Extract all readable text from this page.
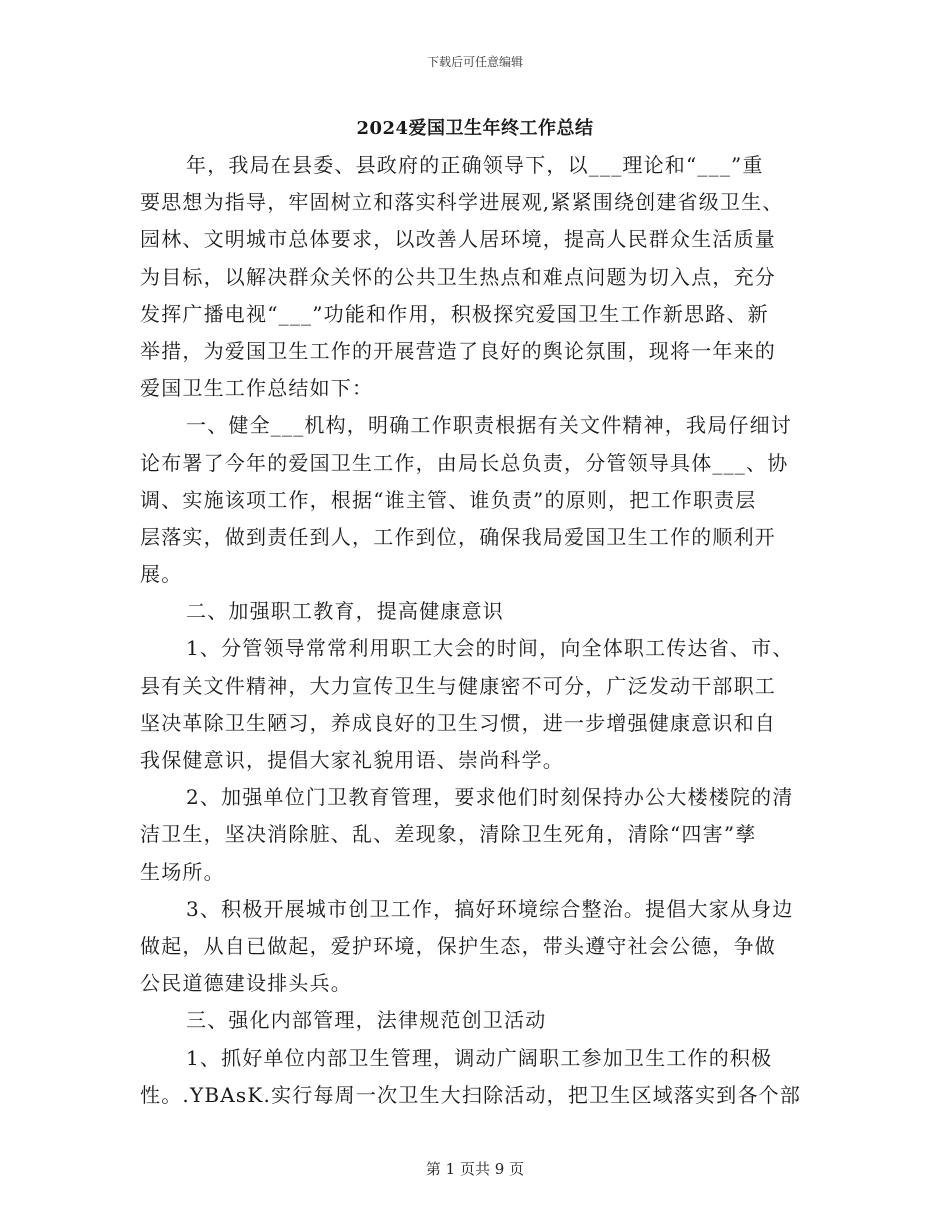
下载后可任意编辑
2024爱国卫生年终工作总结
年，我局在县委、县政府的正确领导下，以___理论和“___”重
要思想为指导，牢固树立和落实科学进展观,紧紧围绕创建省级卫生、
园林、文明城市总体要求，以改善人居环境，提高人民群众生活质量
为目标，以解决群众关怀的公共卫生热点和难点问题为切入点，充分
发挥广播电视“___”功能和作用，积极探究爱国卫生工作新思路、新
举措，为爱国卫生工作的开展营造了良好的舆论氛围，现将一年来的
爱国卫生工作总结如下：
一、健全___机构，明确工作职责根据有关文件精神，我局仔细讨
论布署了今年的爱国卫生工作，由局长总负责，分管领导具体___、协
调、实施该项工作，根据“谁主管、谁负责”的原则，把工作职责层
层落实，做到责任到人，工作到位，确保我局爱国卫生工作的顺利开
展。
二、加强职工教育，提高健康意识
1、分管领导常常利用职工大会的时间，向全体职工传达省、市、
县有关文件精神，大力宣传卫生与健康密不可分，广泛发动干部职工
坚决革除卫生陋习，养成良好的卫生习惯，进一步增强健康意识和自
我保健意识，提倡大家礼貌用语、崇尚科学。
2、加强单位门卫教育管理，要求他们时刻保持办公大楼楼院的清
洁卫生，坚决消除脏、乱、差现象，清除卫生死角，清除“四害”孳
生场所。
3、积极开展城市创卫工作，搞好环境综合整治。提倡大家从身边
做起，从自已做起，爱护环境，保护生态，带头遵守社会公德，争做
公民道德建设排头兵。
三、强化内部管理，法律规范创卫活动
1、抓好单位内部卫生管理，调动广阔职工参加卫生工作的积极
性。.YBAsK.实行每周一次卫生大扫除活动，把卫生区域落实到各个部
第 1 页共 9 页
